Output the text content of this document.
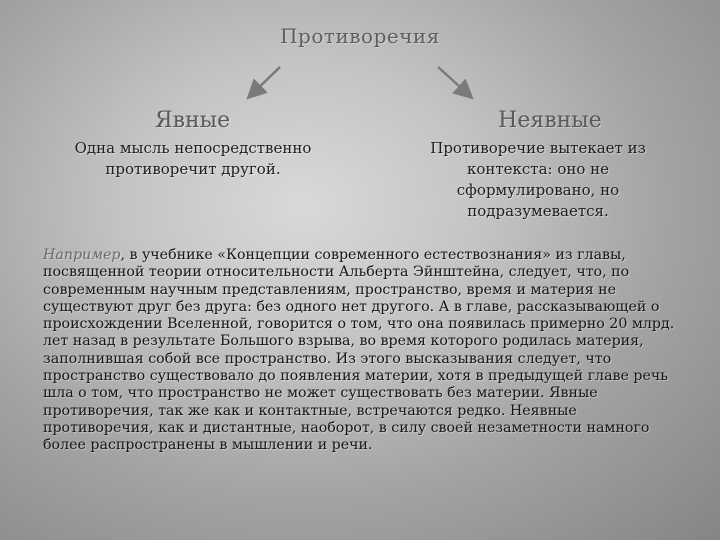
Противоречия
Явные	Неявные
Одна мысль непосредственно противоречит другой.
Противоречие вытекает из контекста: оно не сформулировано, но подразумевается.
Например, в учебнике «Концепции современного естествознания» из главы, посвященной теории относительности Альберта Эйнштейна, следует, что, по современным научным представлениям, пространство, время и материя не существуют друг без друга: без одного нет другого. А в главе, рассказывающей о происхождении Вселенной, говорится о том, что она появилась примерно 20 млрд. лет назад в результате Большого взрыва, во время которого родилась материя, заполнившая собой все пространство. Из этого высказывания следует, что пространство существовало до появления материи, хотя в предыдущей главе речь шла о том, что пространство не может существовать без материи. Явные противоречия, так же как и контактные, встречаются редко. Неявные противоречия, как и дистантные, наоборот, в силу своей незаметности намного более распространены в мышлении и речи.
